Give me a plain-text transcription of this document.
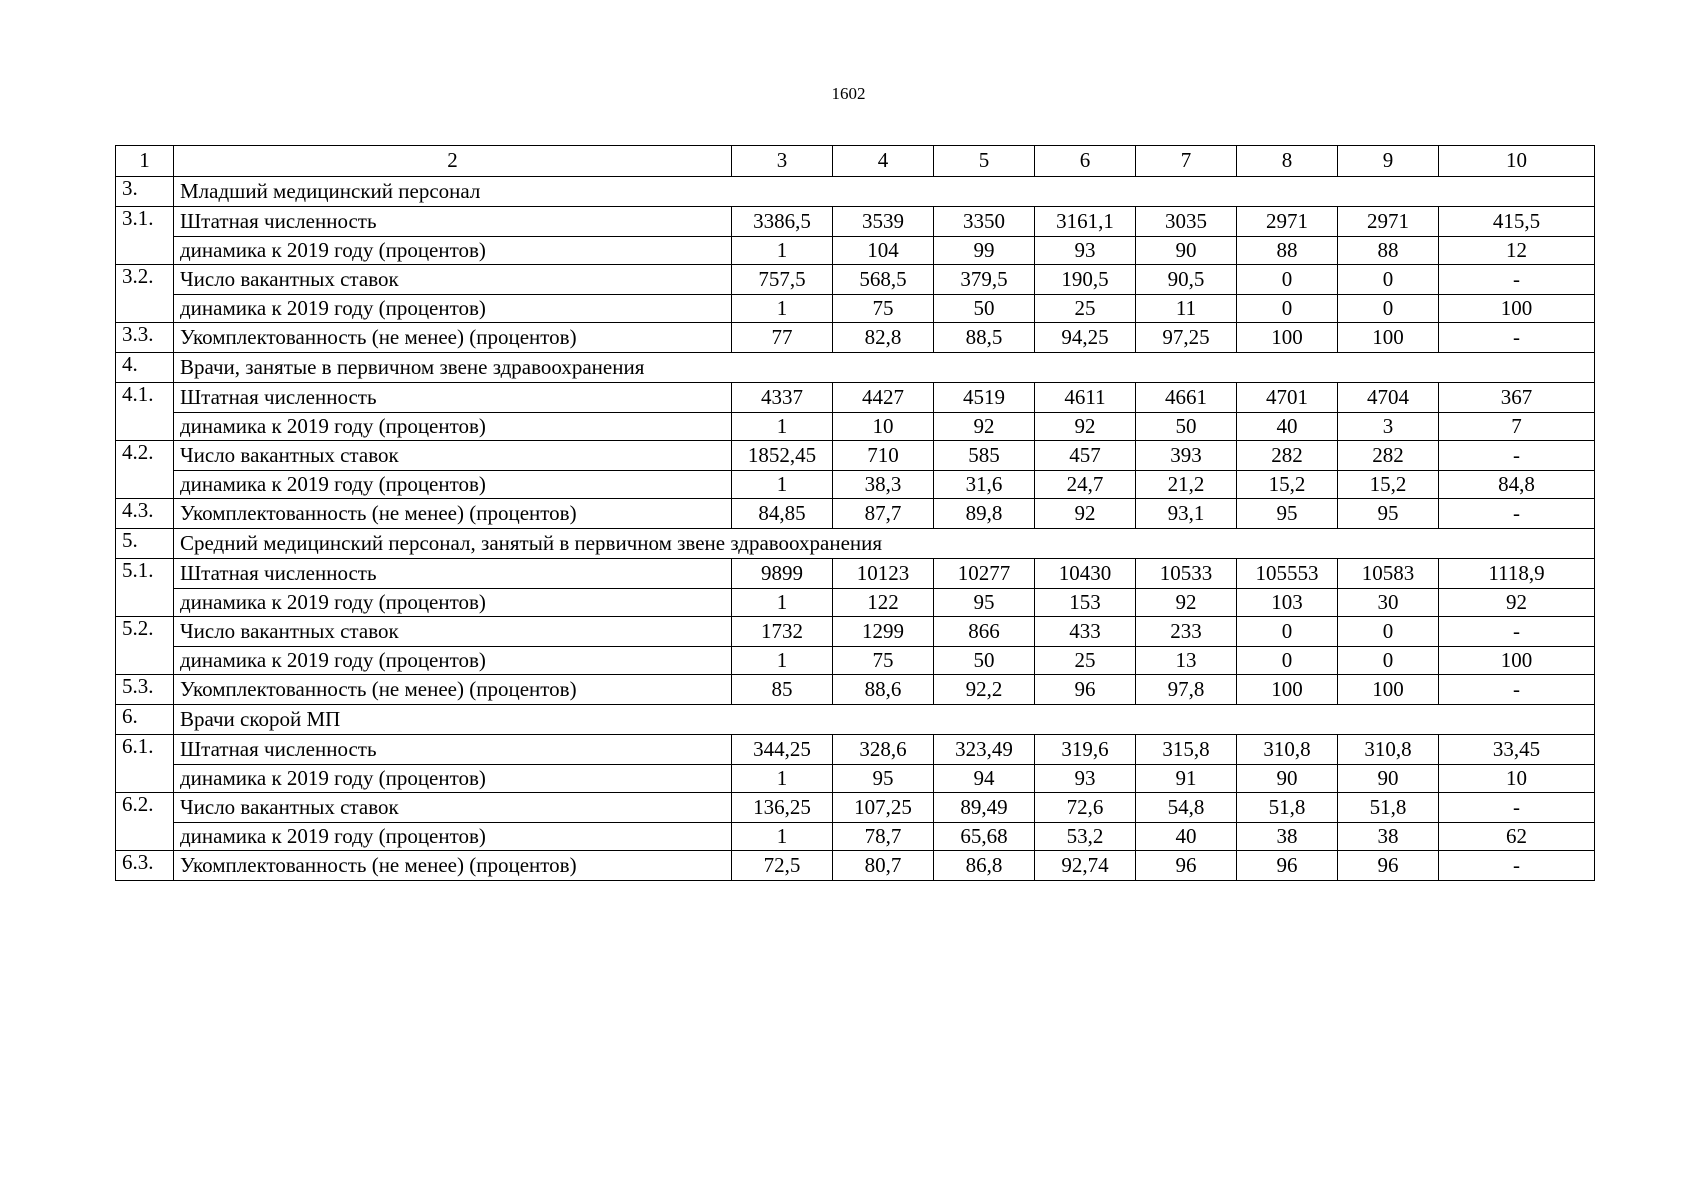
1602
1	2	3	4	5	6	7	8	9	10
3.	Младший медицинский персонал								
3.1.	Штатная численность	3386,5	3539	3350	3161,1	3035	2971	2971	415,5
	динамика к 2019 году (процентов)	1	104	99	93	90	88	88	12
3.2.	Число вакантных ставок	757,5	568,5	379,5	190,5	90,5	0	0	-
	динамика к 2019 году (процентов)	1	75	50	25	11	0	0	100
3.3.	Укомплектованность (не менее) (процентов)	77	82,8	88,5	94,25	97,25	100	100	-
4.	Врачи, занятые в первичном звене здравоохранения								
4.1.	Штатная численность	4337	4427	4519	4611	4661	4701	4704	367
	динамика к 2019 году (процентов)	1	10	92	92	50	40	3	7
4.2.	Число вакантных ставок	1852,45	710	585	457	393	282	282	-
	динамика к 2019 году (процентов)	1	38,3	31,6	24,7	21,2	15,2	15,2	84,8
4.3.	Укомплектованность (не менее) (процентов)	84,85	87,7	89,8	92	93,1	95	95	-
5.	Средний медицинский персонал, занятый в первичном звене здравоохранения								
5.1.	Штатная численность	9899	10123	10277	10430	10533	105553	10583	1118,9
	динамика к 2019 году (процентов)	1	122	95	153	92	103	30	92
5.2.	Число вакантных ставок	1732	1299	866	433	233	0	0	-
	динамика к 2019 году (процентов)	1	75	50	25	13	0	0	100
5.3.	Укомплектованность (не менее) (процентов)	85	88,6	92,2	96	97,8	100	100	-
6.	Врачи скорой МП								
6.1.	Штатная численность	344,25	328,6	323,49	319,6	315,8	310,8	310,8	33,45
	динамика к 2019 году (процентов)	1	95	94	93	91	90	90	10
6.2.	Число вакантных ставок	136,25	107,25	89,49	72,6	54,8	51,8	51,8	-
	динамика к 2019 году (процентов)	1	78,7	65,68	53,2	40	38	38	62
6.3.	Укомплектованность (не менее) (процентов)	72,5	80,7	86,8	92,74	96	96	96	-
